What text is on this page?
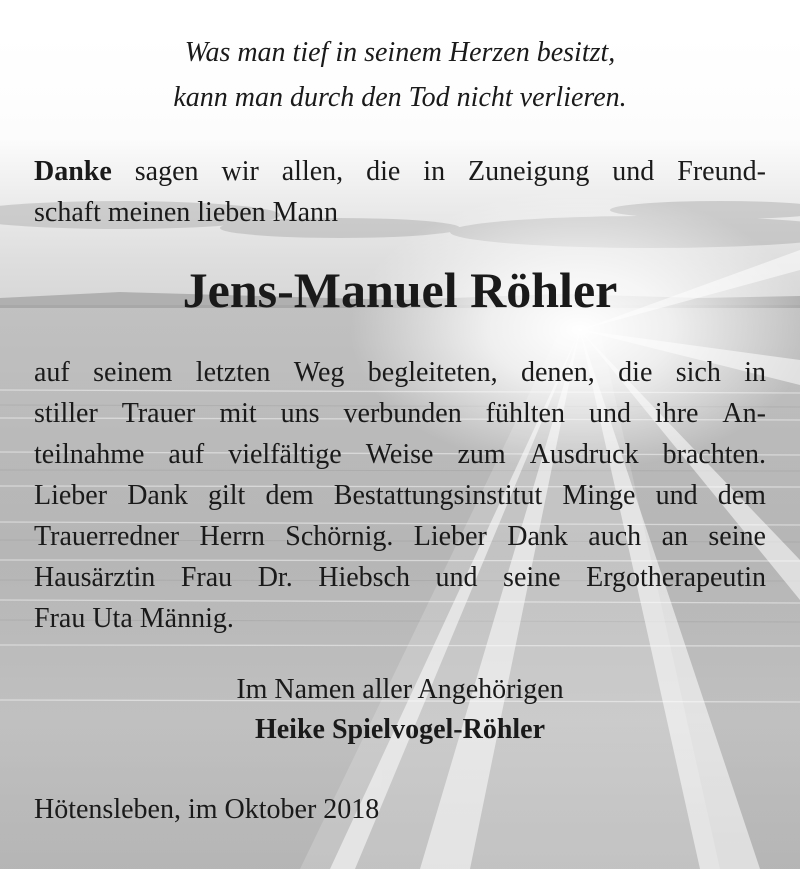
Was man tief in seinem Herzen besitzt,
kann man durch den Tod nicht verlieren.
Danke sagen wir allen, die in Zuneigung und Freund-
schaft meinen lieben Mann
Jens-Manuel Röhler
auf seinem letzten Weg begleiteten, denen, die sich in
stiller Trauer mit uns verbunden fühlten und ihre An-
teilnahme auf vielfältige Weise zum Ausdruck brachten.
Lieber Dank gilt dem Bestattungsinstitut Minge und dem
Trauerredner Herrn Schörnig. Lieber Dank auch an seine
Hausärztin Frau Dr. Hiebsch und seine Ergotherapeutin
Frau Uta Männig.
Im Namen aller Angehörigen
Heike Spielvogel-Röhler
Hötensleben, im Oktober 2018
